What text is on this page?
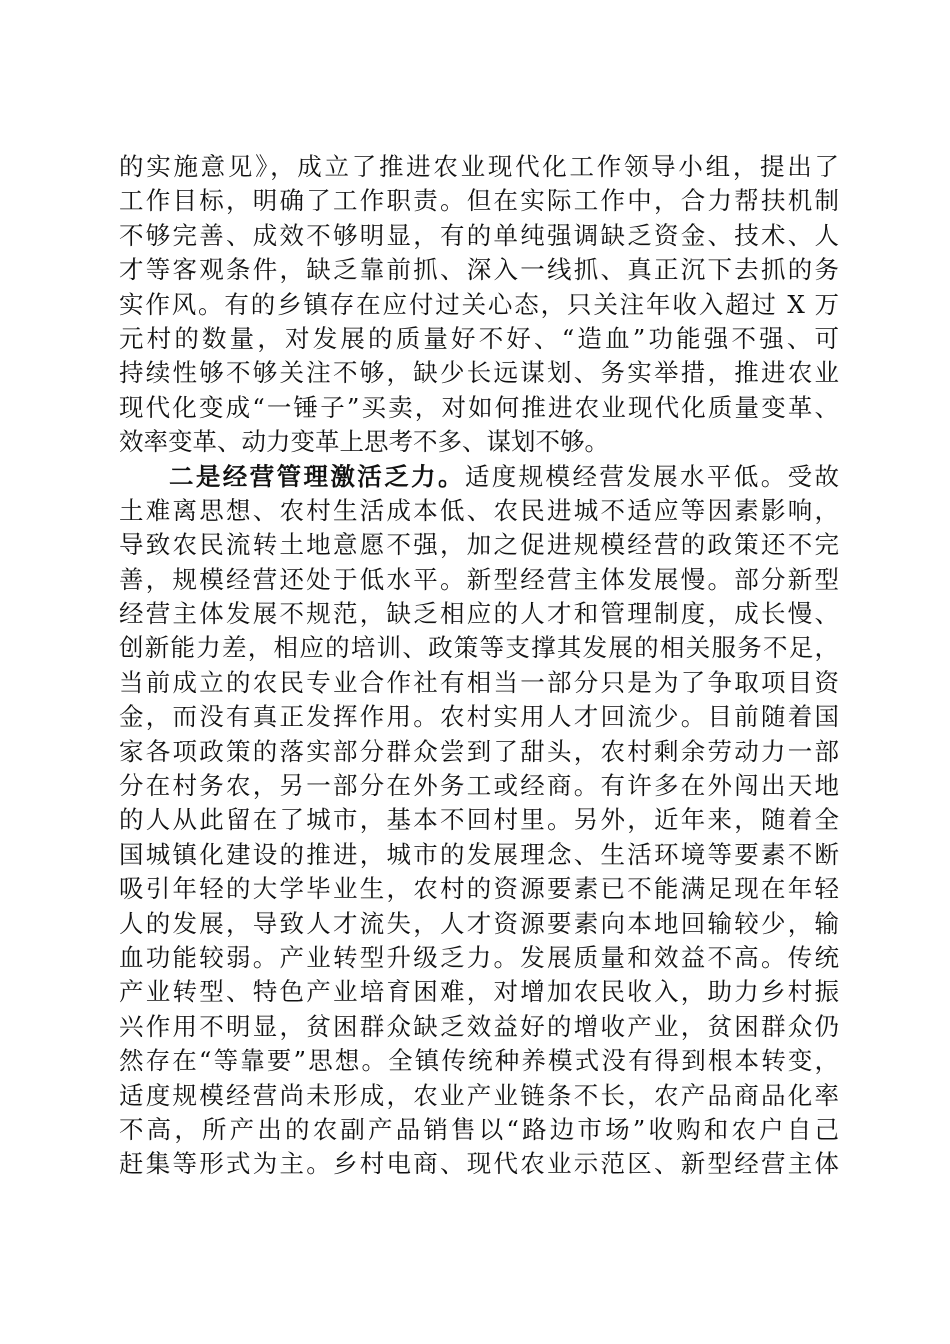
的实施意见》，成立了推进农业现代化工作领导小组，提出了
工作目标，明确了工作职责。但在实际工作中，合力帮扶机制
不够完善、成效不够明显，有的单纯强调缺乏资金、技术、人
才等客观条件，缺乏靠前抓、深入一线抓、真正沉下去抓的务
实作风。有的乡镇存在应付过关心态，只关注年收入超过 X 万
元村的数量，对发展的质量好不好、“造血”功能强不强、可
持续性够不够关注不够，缺少长远谋划、务实举措，推进农业
现代化变成“一锤子”买卖，对如何推进农业现代化质量变革、
效率变革、动力变革上思考不多、谋划不够。
二是经营管理激活乏力。适度规模经营发展水平低。受故
土难离思想、农村生活成本低、农民进城不适应等因素影响，
导致农民流转土地意愿不强，加之促进规模经营的政策还不完
善，规模经营还处于低水平。新型经营主体发展慢。部分新型
经营主体发展不规范，缺乏相应的人才和管理制度，成长慢、
创新能力差，相应的培训、政策等支撑其发展的相关服务不足，
当前成立的农民专业合作社有相当一部分只是为了争取项目资
金，而没有真正发挥作用。农村实用人才回流少。目前随着国
家各项政策的落实部分群众尝到了甜头，农村剩余劳动力一部
分在村务农，另一部分在外务工或经商。有许多在外闯出天地
的人从此留在了城市，基本不回村里。另外，近年来，随着全
国城镇化建设的推进，城市的发展理念、生活环境等要素不断
吸引年轻的大学毕业生，农村的资源要素已不能满足现在年轻
人的发展，导致人才流失，人才资源要素向本地回输较少，输
血功能较弱。产业转型升级乏力。发展质量和效益不高。传统
产业转型、特色产业培育困难，对增加农民收入，助力乡村振
兴作用不明显，贫困群众缺乏效益好的增收产业，贫困群众仍
然存在“等靠要”思想。全镇传统种养模式没有得到根本转变，
适度规模经营尚未形成，农业产业链条不长，农产品商品化率
不高，所产出的农副产品销售以“路边市场”收购和农户自己
赶集等形式为主。乡村电商、现代农业示范区、新型经营主体
